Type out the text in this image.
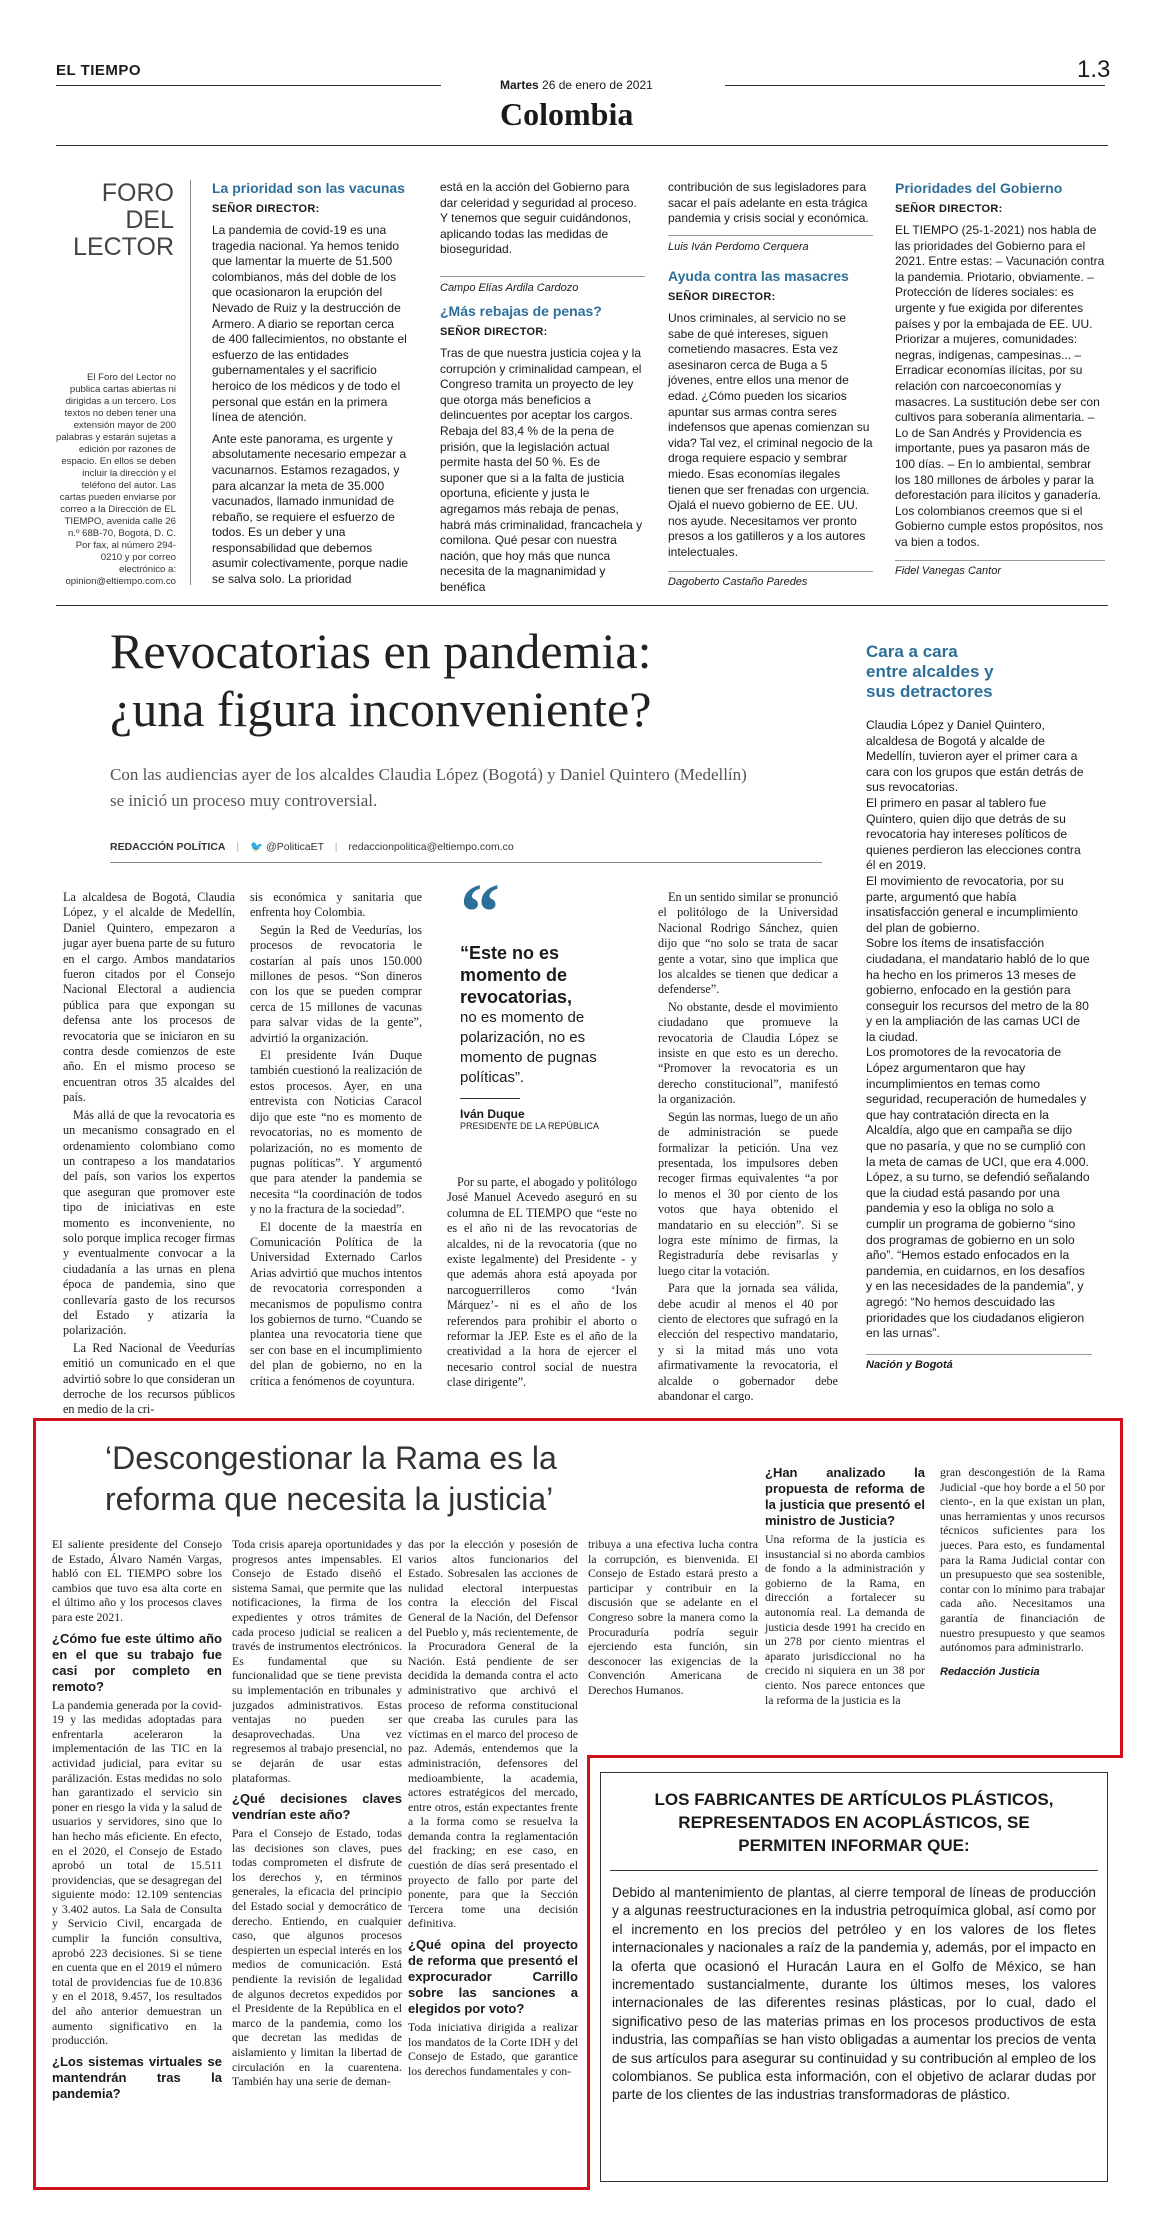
EL TIEMPO	1.3
Martes 26 de enero de 2021
Colombia
FORO DEL
LECTOR
El Foro del Lector no publica cartas abiertas ni dirigidas a un tercero. Los textos no deben tener una extensión mayor de 200 palabras y estarán sujetas a edición por razones de espacio. En ellos se deben incluir la dirección y el teléfono del autor. Las cartas pueden enviarse por correo a la Dirección de EL TIEMPO, avenida calle 26 n.º 68B-70, Bogotá, D. C. Por fax, al número 294-0210 y por correo electrónico a: opinion@eltiempo.com.co
La prioridad son las vacunas
SEÑOR DIRECTOR:

La pandemia de covid-19 es una tragedia nacional. Ya hemos tenido que lamentar la muerte de 51.500 colombianos, más del doble de los que ocasionaron la erupción del Nevado de Ruiz y la destrucción de Armero. A diario se reportan cerca de 400 fallecimientos, no obstante el esfuerzo de las entidades gubernamentales y el sacrificio heroico de los médicos y de todo el personal que están en la primera línea de atención.

Ante este panorama, es urgente y absolutamente necesario empezar a vacunarnos. Estamos rezagados, y para alcanzar la meta de 35.000 vacunados, llamado inmunidad de rebaño, se requiere el esfuerzo de todos. Es un deber y una responsabilidad que debemos asumir colectivamente, porque nadie se salva solo. La prioridad

está en la acción del Gobierno para dar celeridad y seguridad al proceso. Y tenemos que seguir cuidándonos, aplicando todas las medidas de bioseguridad.

Campo Elías Ardila Cardozo
¿Más rebajas de penas?
SEÑOR DIRECTOR:

Tras de que nuestra justicia cojea y la corrupción y criminalidad campean, el Congreso tramita un proyecto de ley que otorga más beneficios a delincuentes por aceptar los cargos. Rebaja del 83,4 % de la pena de prisión, que la legislación actual permite hasta del 50 %. Es de suponer que si a la falta de justicia oportuna, eficiente y justa le agregamos más rebaja de penas, habrá más criminalidad, francachela y comilona. Qué pesar con nuestra nación, que hoy más que nunca necesita de la magnanimidad y benéfica

contribución de sus legisladores para sacar el país adelante en esta trágica pandemia y crisis social y económica.

Luis Iván Perdomo Cerquera
Ayuda contra las masacres
SEÑOR DIRECTOR:

Unos criminales, al servicio no se sabe de qué intereses, siguen cometiendo masacres. Esta vez asesinaron cerca de Buga a 5 jóvenes, entre ellos una menor de edad. ¿Cómo pueden los sicarios apuntar sus armas contra seres indefensos que apenas comienzan su vida? Tal vez, el criminal negocio de la droga requiere espacio y sembrar miedo. Esas economías ilegales tienen que ser frenadas con urgencia. Ojalá el nuevo gobierno de EE. UU. nos ayude. Necesitamos ver pronto presos a los gatilleros y a los autores intelectuales.

Dagoberto Castaño Paredes
Prioridades del Gobierno
SEÑOR DIRECTOR:

EL TIEMPO (25-1-2021) nos habla de las prioridades del Gobierno para el 2021. Entre estas: – Vacunación contra la pandemia. Priotario, obviamente. – Protección de líderes sociales: es urgente y fue exigida por diferentes países y por la embajada de EE. UU. Priorizar a mujeres, comunidades: negras, indígenas, campesinas... – Erradicar economías ilícitas, por su relación con narcoeconomías y masacres. La sustitución debe ser con cultivos para soberanía alimentaria. – Lo de San Andrés y Providencia es importante, pues ya pasaron más de 100 días. – En lo ambiental, sembrar los 180 millones de árboles y parar la deforestación para ilícitos y ganadería. Los colombianos creemos que si el Gobierno cumple estos propósitos, nos va bien a todos.

Fidel Vanegas Cantor
Revocatorias en pandemia:
¿una figura inconveniente?
Con las audiencias ayer de los alcaldes Claudia López (Bogotá) y Daniel Quintero (Medellín) se inició un proceso muy controversial.
REDACCIÓN POLÍTICA | 🐦 @PoliticaET | redaccionpolitica@eltiempo.com.co

La alcaldesa de Bogotá, Claudia López, y el alcalde de Medellín, Daniel Quintero, empezaron a jugar ayer buena parte de su futuro en el cargo. Ambos mandatarios fueron citados por el Consejo Nacional Electoral a audiencia pública para que expongan su defensa ante los procesos de revocatoria que se iniciaron en su contra desde comienzos de este año. En el mismo proceso se encuentran otros 35 alcaldes del país.

Más allá de que la revocatoria es un mecanismo consagrado en el ordenamiento colombiano como un contrapeso a los mandatarios del país, son varios los expertos que aseguran que promover este tipo de iniciativas en este momento es inconveniente, no solo porque implica recoger firmas y eventualmente convocar a la ciudadanía a las urnas en plena época de pandemia, sino que conllevaría gasto de los recursos del Estado y atizaría la polarización.

La Red Nacional de Veedurías emitió un comunicado en el que advirtió sobre lo que consideran un derroche de los recursos públicos en medio de la cri-

sis económica y sanitaria que enfrenta hoy Colombia.

Según la Red de Veedurías, los procesos de revocatoria le costarían al país unos 150.000 millones de pesos. “Son dineros con los que se pueden comprar cerca de 15 millones de vacunas para salvar vidas de la gente”, advirtió la organización.

El presidente Iván Duque también cuestionó la realización de estos procesos. Ayer, en una entrevista con Noticias Caracol dijo que este “no es momento de revocatorias, no es momento de polarización, no es momento de pugnas políticas”. Y argumentó que para atender la pandemia se necesita “la coordinación de todos y no la fractura de la sociedad”.

El docente de la maestría en Comunicación Política de la Universidad Externado Carlos Arias advirtió que muchos intentos de revocatoria corresponden a mecanismos de populismo contra los gobiernos de turno. “Cuando se plantea una revocatoria tiene que ser con base en el incumplimiento del plan de gobierno, no en la crítica a fenómenos de coyuntura.

“
“Este no es momento de revocatorias,
no es momento de polarización, no es momento de pugnas políticas”.
Iván Duque
PRESIDENTE DE LA REPÚBLICA

Por su parte, el abogado y politólogo José Manuel Acevedo aseguró en su columna de EL TIEMPO que “este no es el año ni de las revocatorias de alcaldes, ni de la revocatoria (que no existe legalmente) del Presidente - y que además ahora está apoyada por narcoguerrilleros como ‘Iván Márquez’- ni es el año de los referendos para prohibir el aborto o reformar la JEP. Este es el año de la creatividad a la hora de ejercer el necesario control social de nuestra clase dirigente”.

En un sentido similar se pronunció el politólogo de la Universidad Nacional Rodrigo Sánchez, quien dijo que “no solo se trata de sacar gente a votar, sino que implica que los alcaldes se tienen que dedicar a defenderse”.

No obstante, desde el movimiento ciudadano que promueve la revocatoria de Claudia López se insiste en que esto es un derecho. “Promover la revocatoria es un derecho constitucional”, manifestó la organización.

Según las normas, luego de un año de administración se puede formalizar la petición. Una vez presentada, los impulsores deben recoger firmas equivalentes “a por lo menos el 30 por ciento de los votos que haya obtenido el mandatario en su elección”. Si se logra este mínimo de firmas, la Registraduría debe revisarlas y luego citar la votación.

Para que la jornada sea válida, debe acudir al menos el 40 por ciento de electores que sufragó en la elección del respectivo mandatario, y si la mitad más uno vota afirmativamente la revocatoria, el alcalde o gobernador debe abandonar el cargo.

Cara a cara
entre alcaldes y
sus detractores
Claudia López y Daniel Quintero, alcaldesa de Bogotá y alcalde de Medellín, tuvieron ayer el primer cara a cara con los grupos que están detrás de sus revocatorias.
El primero en pasar al tablero fue Quintero, quien dijo que detrás de su revocatoria hay intereses políticos de quienes perdieron las elecciones contra él en 2019.
El movimiento de revocatoria, por su parte, argumentó que había insatisfacción general e incumplimiento del plan de gobierno.
Sobre los ítems de insatisfacción ciudadana, el mandatario habló de lo que ha hecho en los primeros 13 meses de gobierno, enfocado en la gestión para conseguir los recursos del metro de la 80 y en la ampliación de las camas UCI de la ciudad.
Los promotores de la revocatoria de López argumentaron que hay incumplimientos en temas como seguridad, recuperación de humedales y que hay contratación directa en la Alcaldía, algo que en campaña se dijo que no pasaría, y que no se cumplió con la meta de camas de UCI, que era 4.000.
López, a su turno, se defendió señalando que la ciudad está pasando por una pandemia y eso la obliga no solo a cumplir un programa de gobierno “sino dos programas de gobierno en un solo año”. “Hemos estado enfocados en la pandemia, en cuidarnos, en los desafíos y en las necesidades de la pandemia”, y agregó: “No hemos descuidado las prioridades que los ciudadanos eligieron en las urnas”.
Nación y Bogotá
‘Descongestionar la Rama es la
reforma que necesita la justicia’

El saliente presidente del Consejo de Estado, Álvaro Namén Vargas, habló con EL TIEMPO sobre los cambios que tuvo esa alta corte en el último año y los procesos claves para este 2021.

¿Cómo fue este último año en el que su trabajo fue casi por completo en remoto?

La pandemia generada por la covid-19 y las medidas adoptadas para enfrentarla aceleraron la implementación de las TIC en la actividad judicial, para evitar su parálización. Estas medidas no solo han garantizado el servicio sin poner en riesgo la vida y la salud de usuarios y servidores, sino que lo han hecho más eficiente. En efecto, en el 2020, el Consejo de Estado aprobó un total de 15.511 providencias, que se desagregan del siguiente modo: 12.109 sentencias y 3.402 autos. La Sala de Consulta y Servicio Civil, encargada de cumplir la función consultiva, aprobó 223 decisiones. Si se tiene en cuenta que en el 2019 el número total de providencias fue de 10.836 y en el 2018, 9.457, los resultados del año anterior demuestran un aumento significativo en la producción.

¿Los sistemas virtuales se mantendrán tras la pandemia?

Toda crisis apareja oportunidades y progresos antes impensables. El Consejo de Estado diseñó el sistema Samai, que permite que las notificaciones, la firma de los expedientes y otros trámites de cada proceso judicial se realicen a través de instrumentos electrónicos. Es fundamental que su funcionalidad que se tiene prevista su implementación en tribunales y juzgados administrativos. Estas ventajas no pueden ser desaprovechadas. Una vez regresemos al trabajo presencial, no se dejarán de usar estas plataformas.

¿Qué decisiones claves vendrían este año?

Para el Consejo de Estado, todas las decisiones son claves, pues todas comprometen el disfrute de los derechos y, en términos generales, la eficacia del principio del Estado social y democrático de derecho. Entiendo, en cualquier caso, que algunos procesos despierten un especial interés en los medios de comunicación. Está pendiente la revisión de legalidad de algunos decretos expedidos por el Presidente de la República en el marco de la pandemia, como los que decretan las medidas de aislamiento y limitan la libertad de circulación en la cuarentena. También hay una serie de deman-

das por la elección y posesión de varios altos funcionarios del Estado. Sobresalen las acciones de nulidad electoral interpuestas contra la elección del Fiscal General de la Nación, del Defensor del Pueblo y, más recientemente, de la Procuradora General de la Nación. Está pendiente de ser decidida la demanda contra el acto administrativo que archivó el proceso de reforma constitucional que creaba las curules para las víctimas en el marco del proceso de paz. Además, entendemos que la administración, defensores del medioambiente, la academia, actores estratégicos del mercado, entre otros, están expectantes frente a la forma como se resuelva la demanda contra la reglamentación del fracking; en ese caso, en cuestión de días será presentado el proyecto de fallo por parte del ponente, para que la Sección Tercera tome una decisión definitiva.

¿Qué opina del proyecto de reforma que presentó el exprocurador Carrillo sobre las sanciones a elegidos por voto?

Toda iniciativa dirigida a realizar los mandatos de la Corte IDH y del Consejo de Estado, que garantice los derechos fundamentales y con-

tribuya a una efectiva lucha contra la corrupción, es bienvenida. El Consejo de Estado estará presto a participar y contribuir en la discusión que se adelante en el Congreso sobre la manera como la Procuraduría podría seguir ejerciendo esta función, sin desconocer las exigencias de la Convención Americana de Derechos Humanos.

¿Han analizado la propuesta de reforma de la justicia que presentó el ministro de Justicia?

Una reforma de la justicia es insustancial si no aborda cambios de fondo a la administración y gobierno de la Rama, en dirección a fortalecer su autonomía real. La demanda de justicia desde 1991 ha crecido en un 278 por ciento mientras el aparato jurisdiccional no ha crecido ni siquiera en un 38 por ciento. Nos parece entonces que la reforma de la justicia es la

gran descongestión de la Rama Judicial -que hoy borde a el 50 por ciento-, en la que existan un plan, unas herramientas y unos recursos técnicos suficientes para los jueces. Para esto, es fundamental para la Rama Judicial contar con un presupuesto que sea sostenible, contar con lo mínimo para trabajar cada año. Necesitamos una garantía de financiación de nuestro presupuesto y que seamos autónomos para administrarlo.

Redacción Justicia
LOS FABRICANTES DE ARTÍCULOS PLÁSTICOS,
REPRESENTADOS EN ACOPLÁSTICOS, SE
PERMITEN INFORMAR QUE:

Debido al mantenimiento de plantas, al cierre temporal de líneas de producción y a algunas reestructuraciones en la industria petroquímica global, así como por el incremento en los precios del petróleo y en los valores de los fletes internacionales y nacionales a raíz de la pandemia y, además, por el impacto en la oferta que ocasionó el Huracán Laura en el Golfo de México, se han incrementado sustancialmente, durante los últimos meses, los valores internacionales de las diferentes resinas plásticas, por lo cual, dado el significativo peso de las materias primas en los procesos productivos de esta industria, las compañías se han visto obligadas a aumentar los precios de venta de sus artículos para asegurar su continuidad y su contribución al empleo de los colombianos. Se publica esta información, con el objetivo de aclarar dudas por parte de los clientes de las industrias transformadoras de plástico.
